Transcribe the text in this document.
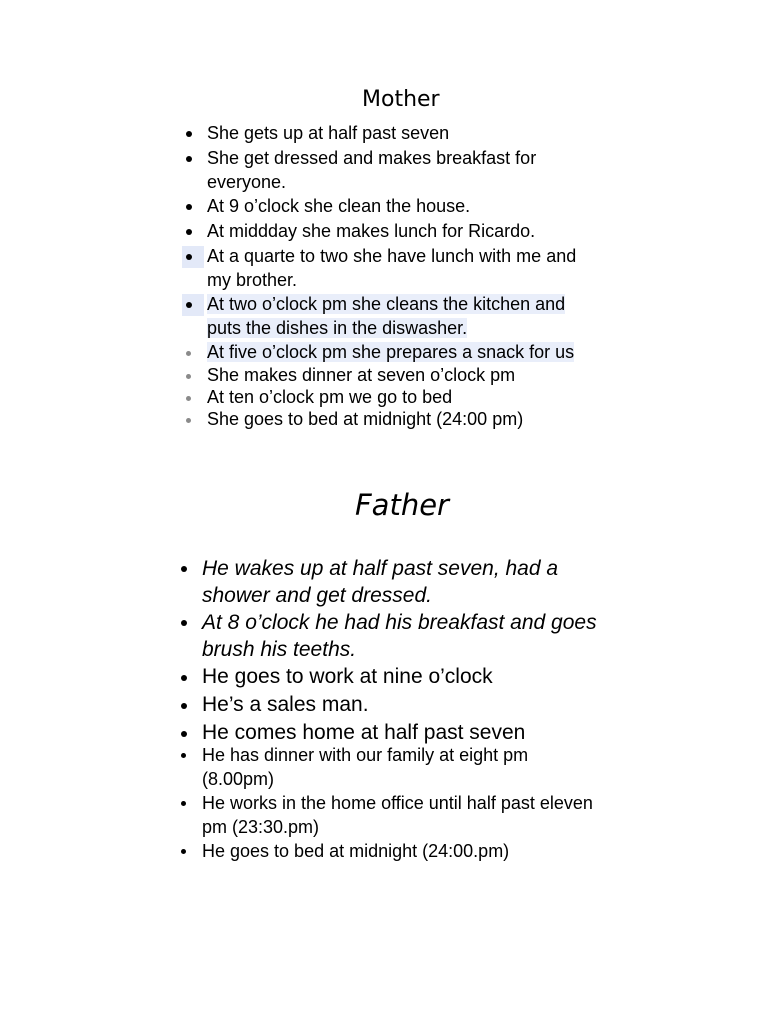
Mother
She gets up at half past seven
She get dressed and makes breakfast for
everyone.
At 9 o’clock she clean the house.
At middday she makes lunch for Ricardo.
At a quarte to two she have lunch with me and
my brother.
At two o’clock pm she cleans the kitchen and
puts the dishes in the diswasher.
At five o’clock pm she prepares a snack for us
She makes dinner at seven o’clock pm
At ten o’clock pm we go to bed
She goes to bed at midnight (24:00 pm)
Father
He wakes up at half past seven, had a
shower and get dressed.
At 8 o’clock he had his breakfast and goes
brush his teeths.
He goes to work at nine o’clock
He’s a sales man.
He comes home at half past seven
He has dinner with our family at eight pm
(8.00pm)
He works in the home office until half past eleven
pm (23:30.pm)
He goes to bed at midnight (24:00.pm)
